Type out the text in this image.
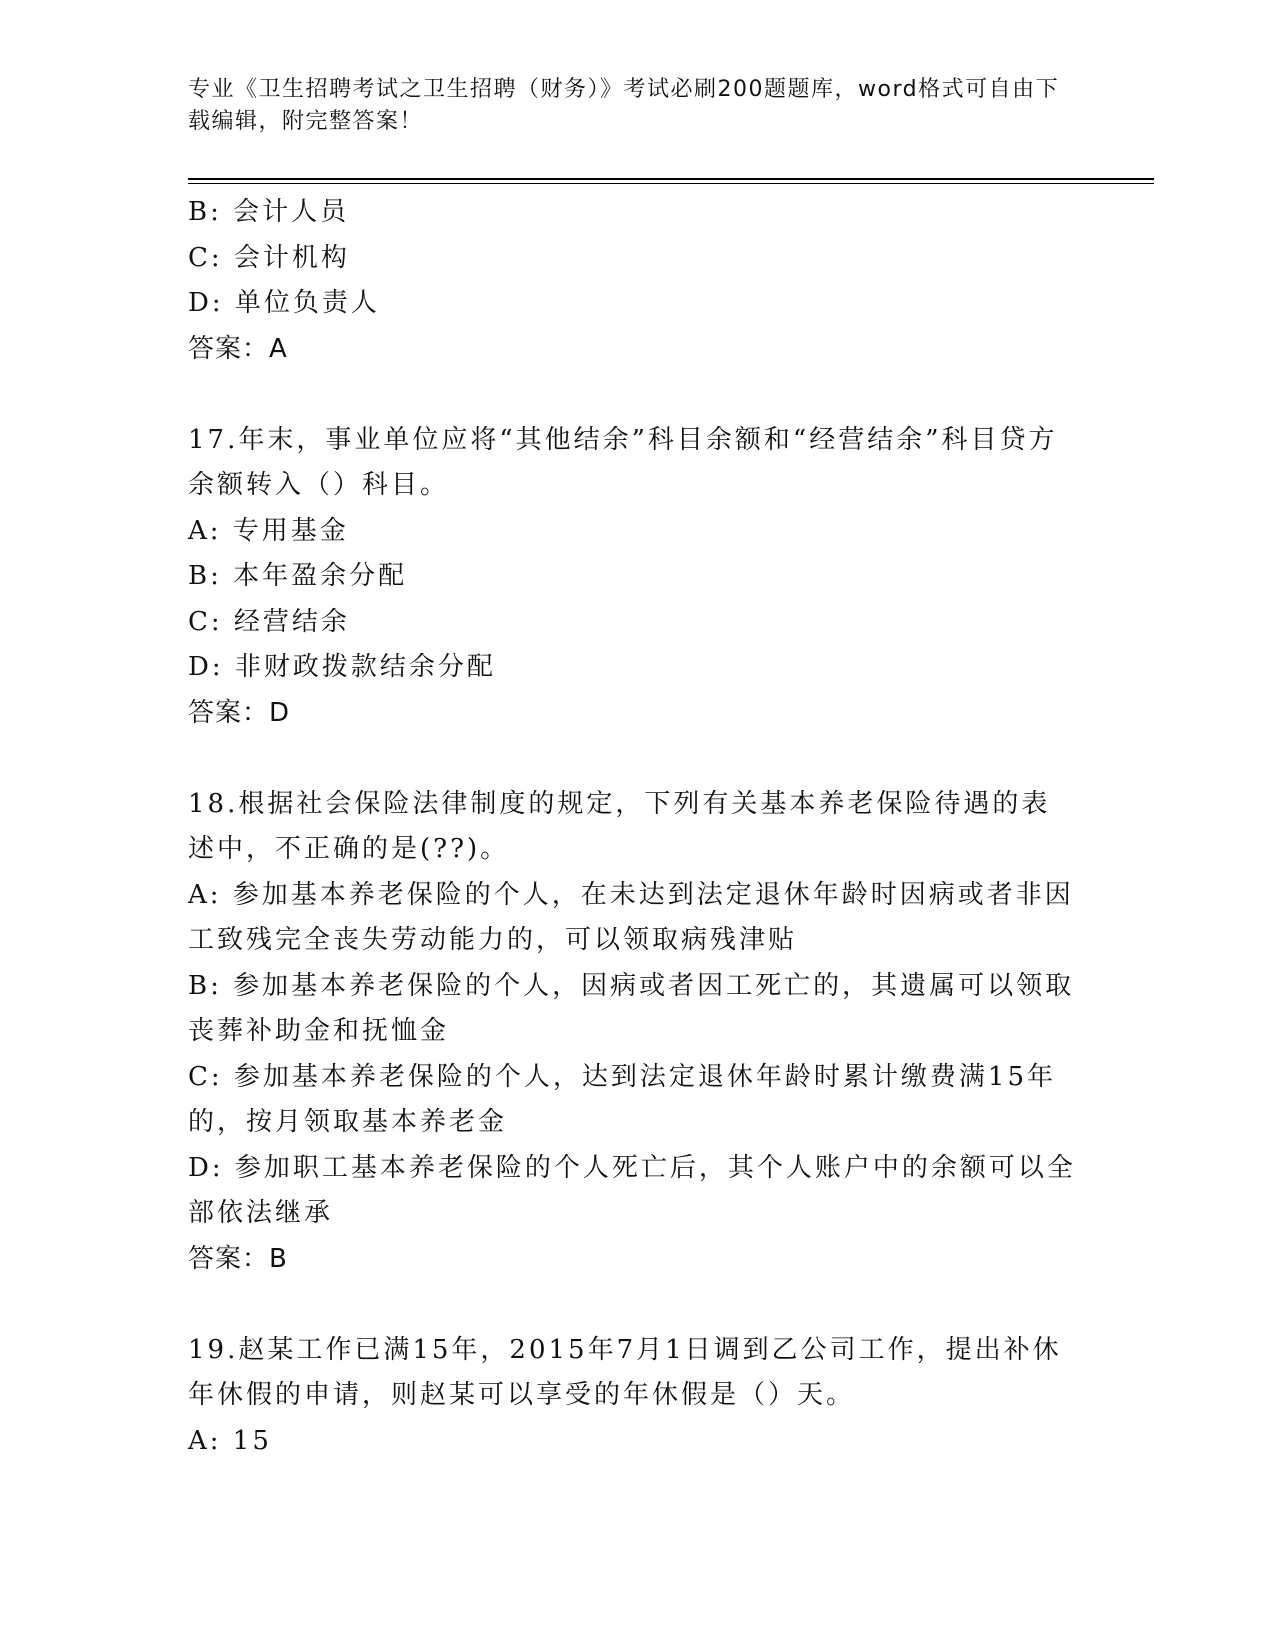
专业《卫生招聘考试之卫生招聘（财务）》考试必刷200题题库，word格式可自由下载编辑，附完整答案！
B: 会计人员
C: 会计机构
D: 单位负责人
答案：A
17.年末，事业单位应将“其他结余”科目余额和“经营结余”科目贷方余额转入（）科目。
A: 专用基金
B: 本年盈余分配
C: 经营结余
D: 非财政拨款结余分配
答案：D
18.根据社会保险法律制度的规定，下列有关基本养老保险待遇的表述中，不正确的是(??)。
A: 参加基本养老保险的个人，在未达到法定退休年龄时因病或者非因工致残完全丧失劳动能力的，可以领取病残津贴
B: 参加基本养老保险的个人，因病或者因工死亡的，其遗属可以领取丧葬补助金和抚恤金
C: 参加基本养老保险的个人，达到法定退休年龄时累计缴费满15年的，按月领取基本养老金
D: 参加职工基本养老保险的个人死亡后，其个人账户中的余额可以全部依法继承
答案：B
19.赵某工作已满15年，2015年7月1日调到乙公司工作，提出补休年休假的申请，则赵某可以享受的年休假是（）天。
A: 15
